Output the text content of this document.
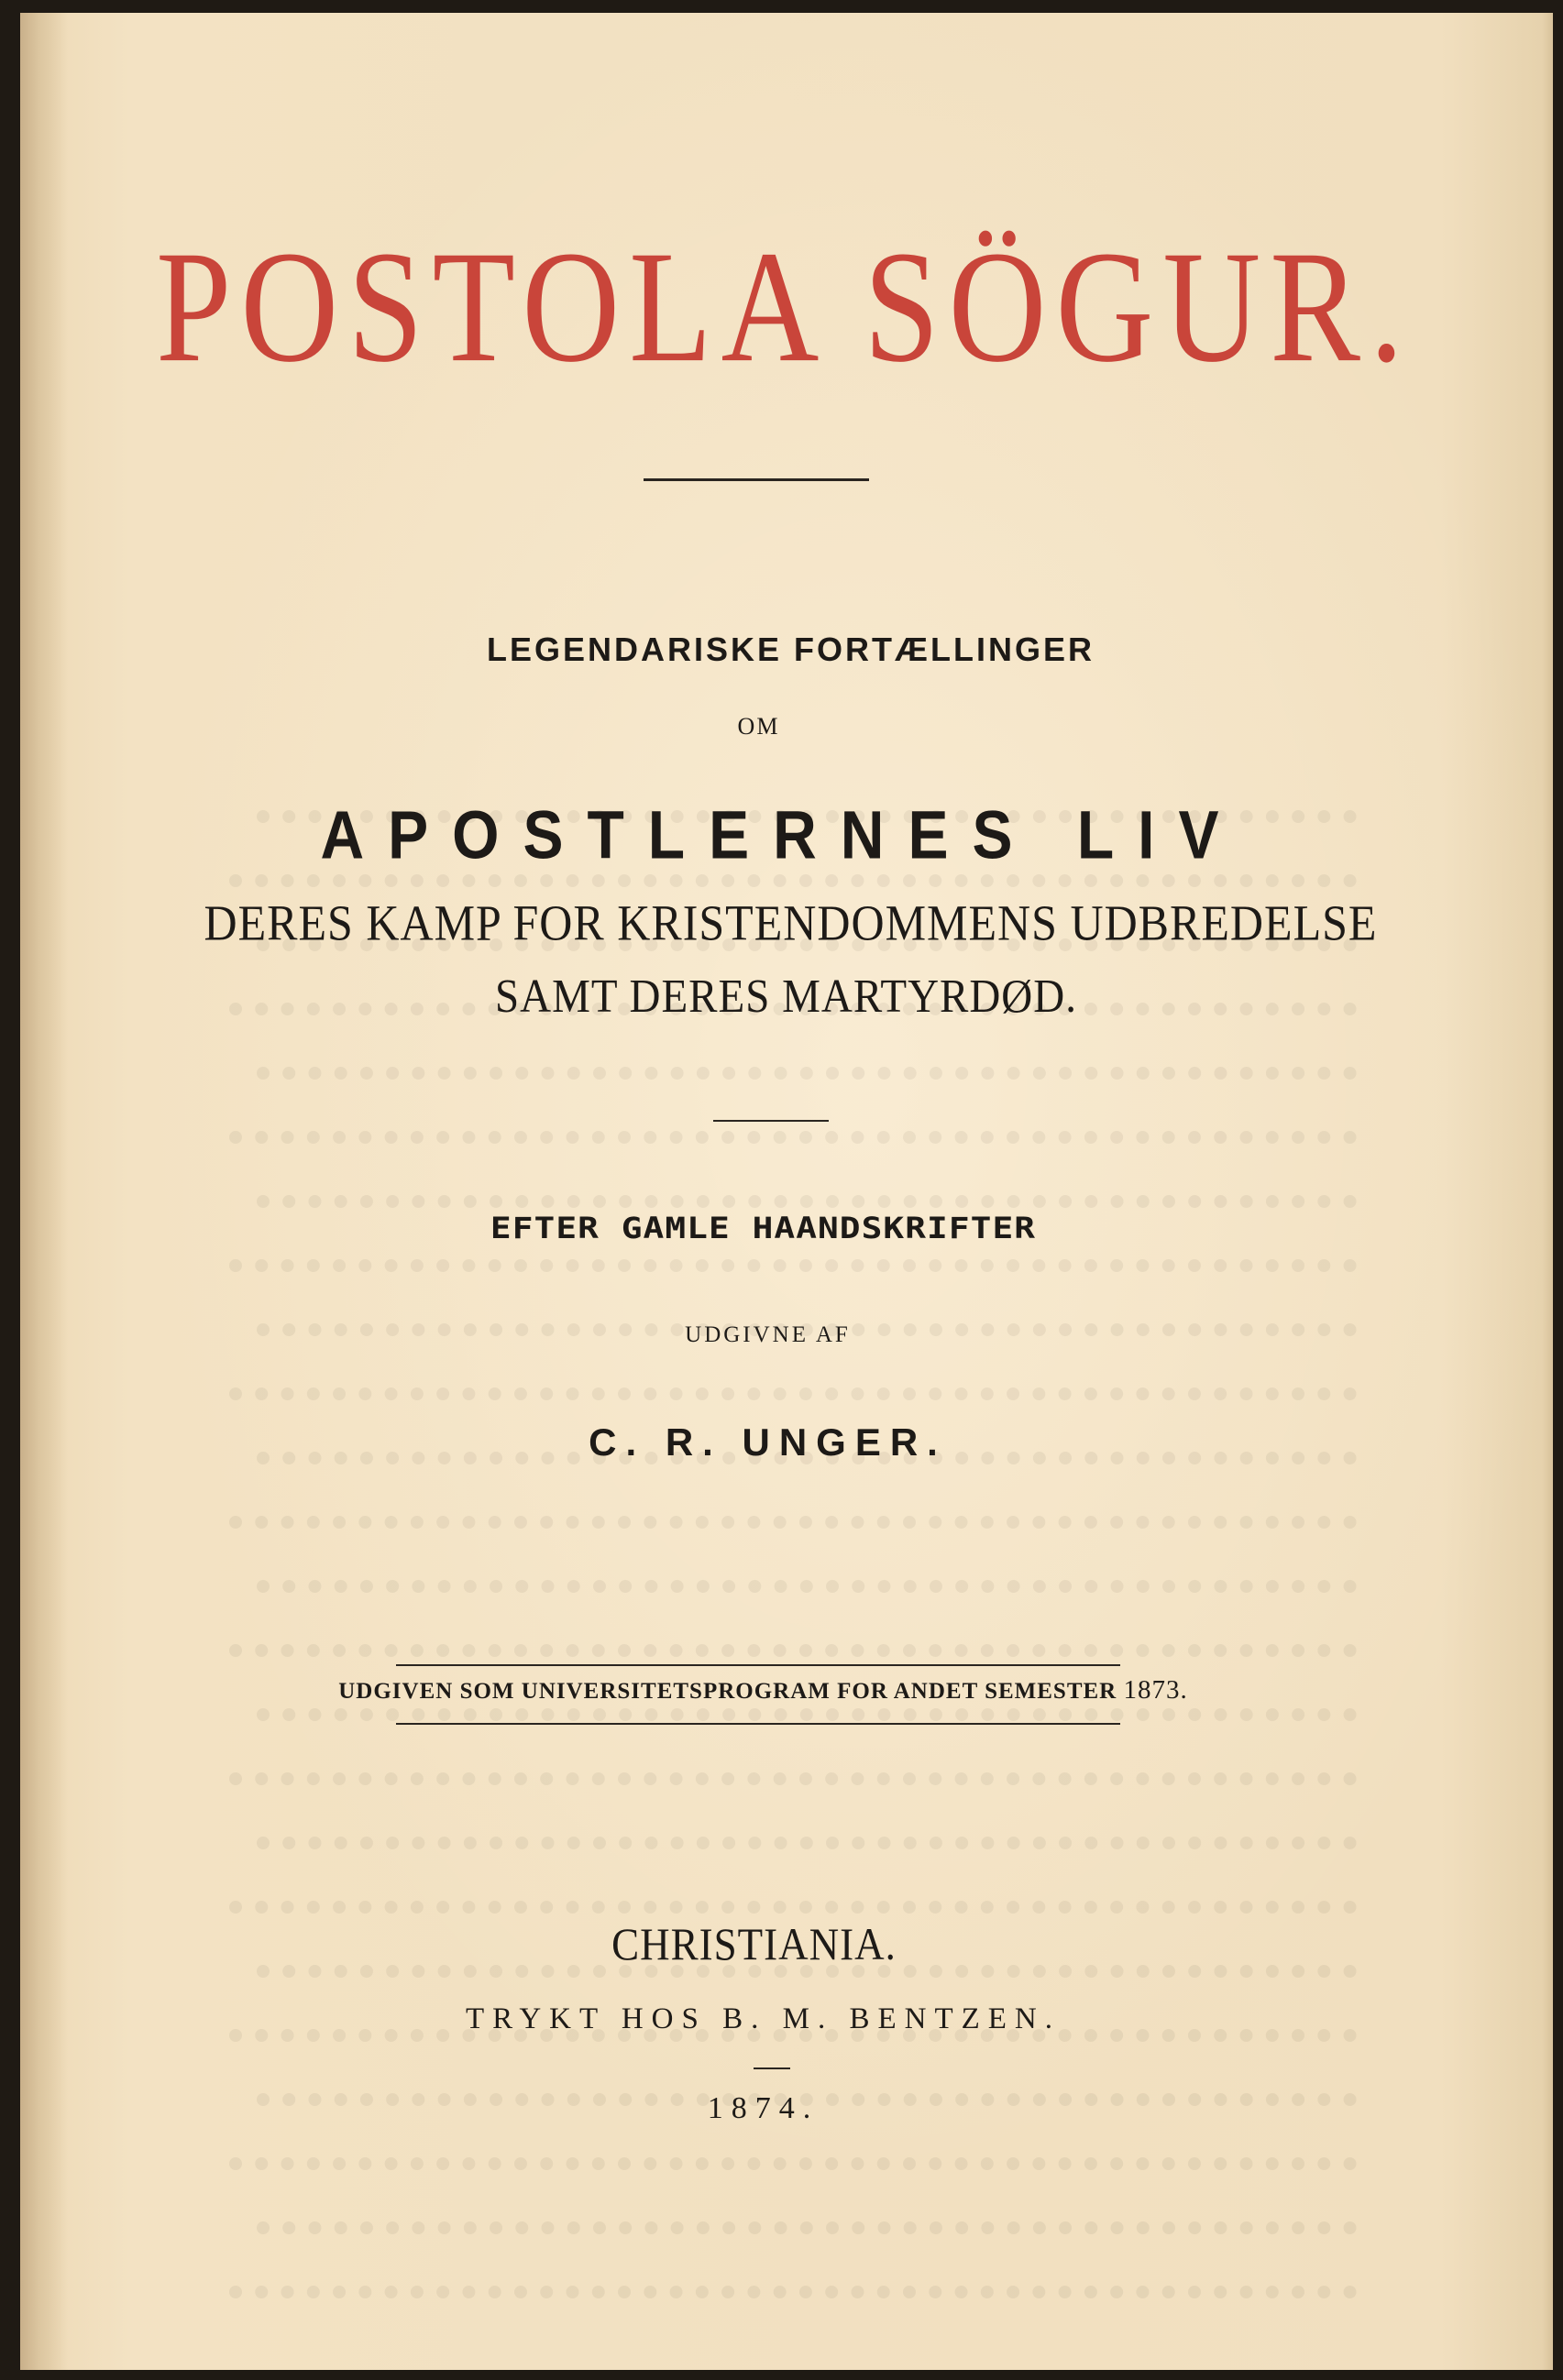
POSTOLA SÖGUR.
LEGENDARISKE FORTÆLLINGER
OM
APOSTLERNES LIV
DERES KAMP FOR KRISTENDOMMENS UDBREDELSE
SAMT DERES MARTYRDØD.
EFTER GAMLE HAANDSKRIFTER
UDGIVNE AF
C. R. UNGER.
UDGIVEN SOM UNIVERSITETSPROGRAM FOR ANDET SEMESTER 1873.
CHRISTIANIA.
TRYKT HOS B. M. BENTZEN.
1874.
